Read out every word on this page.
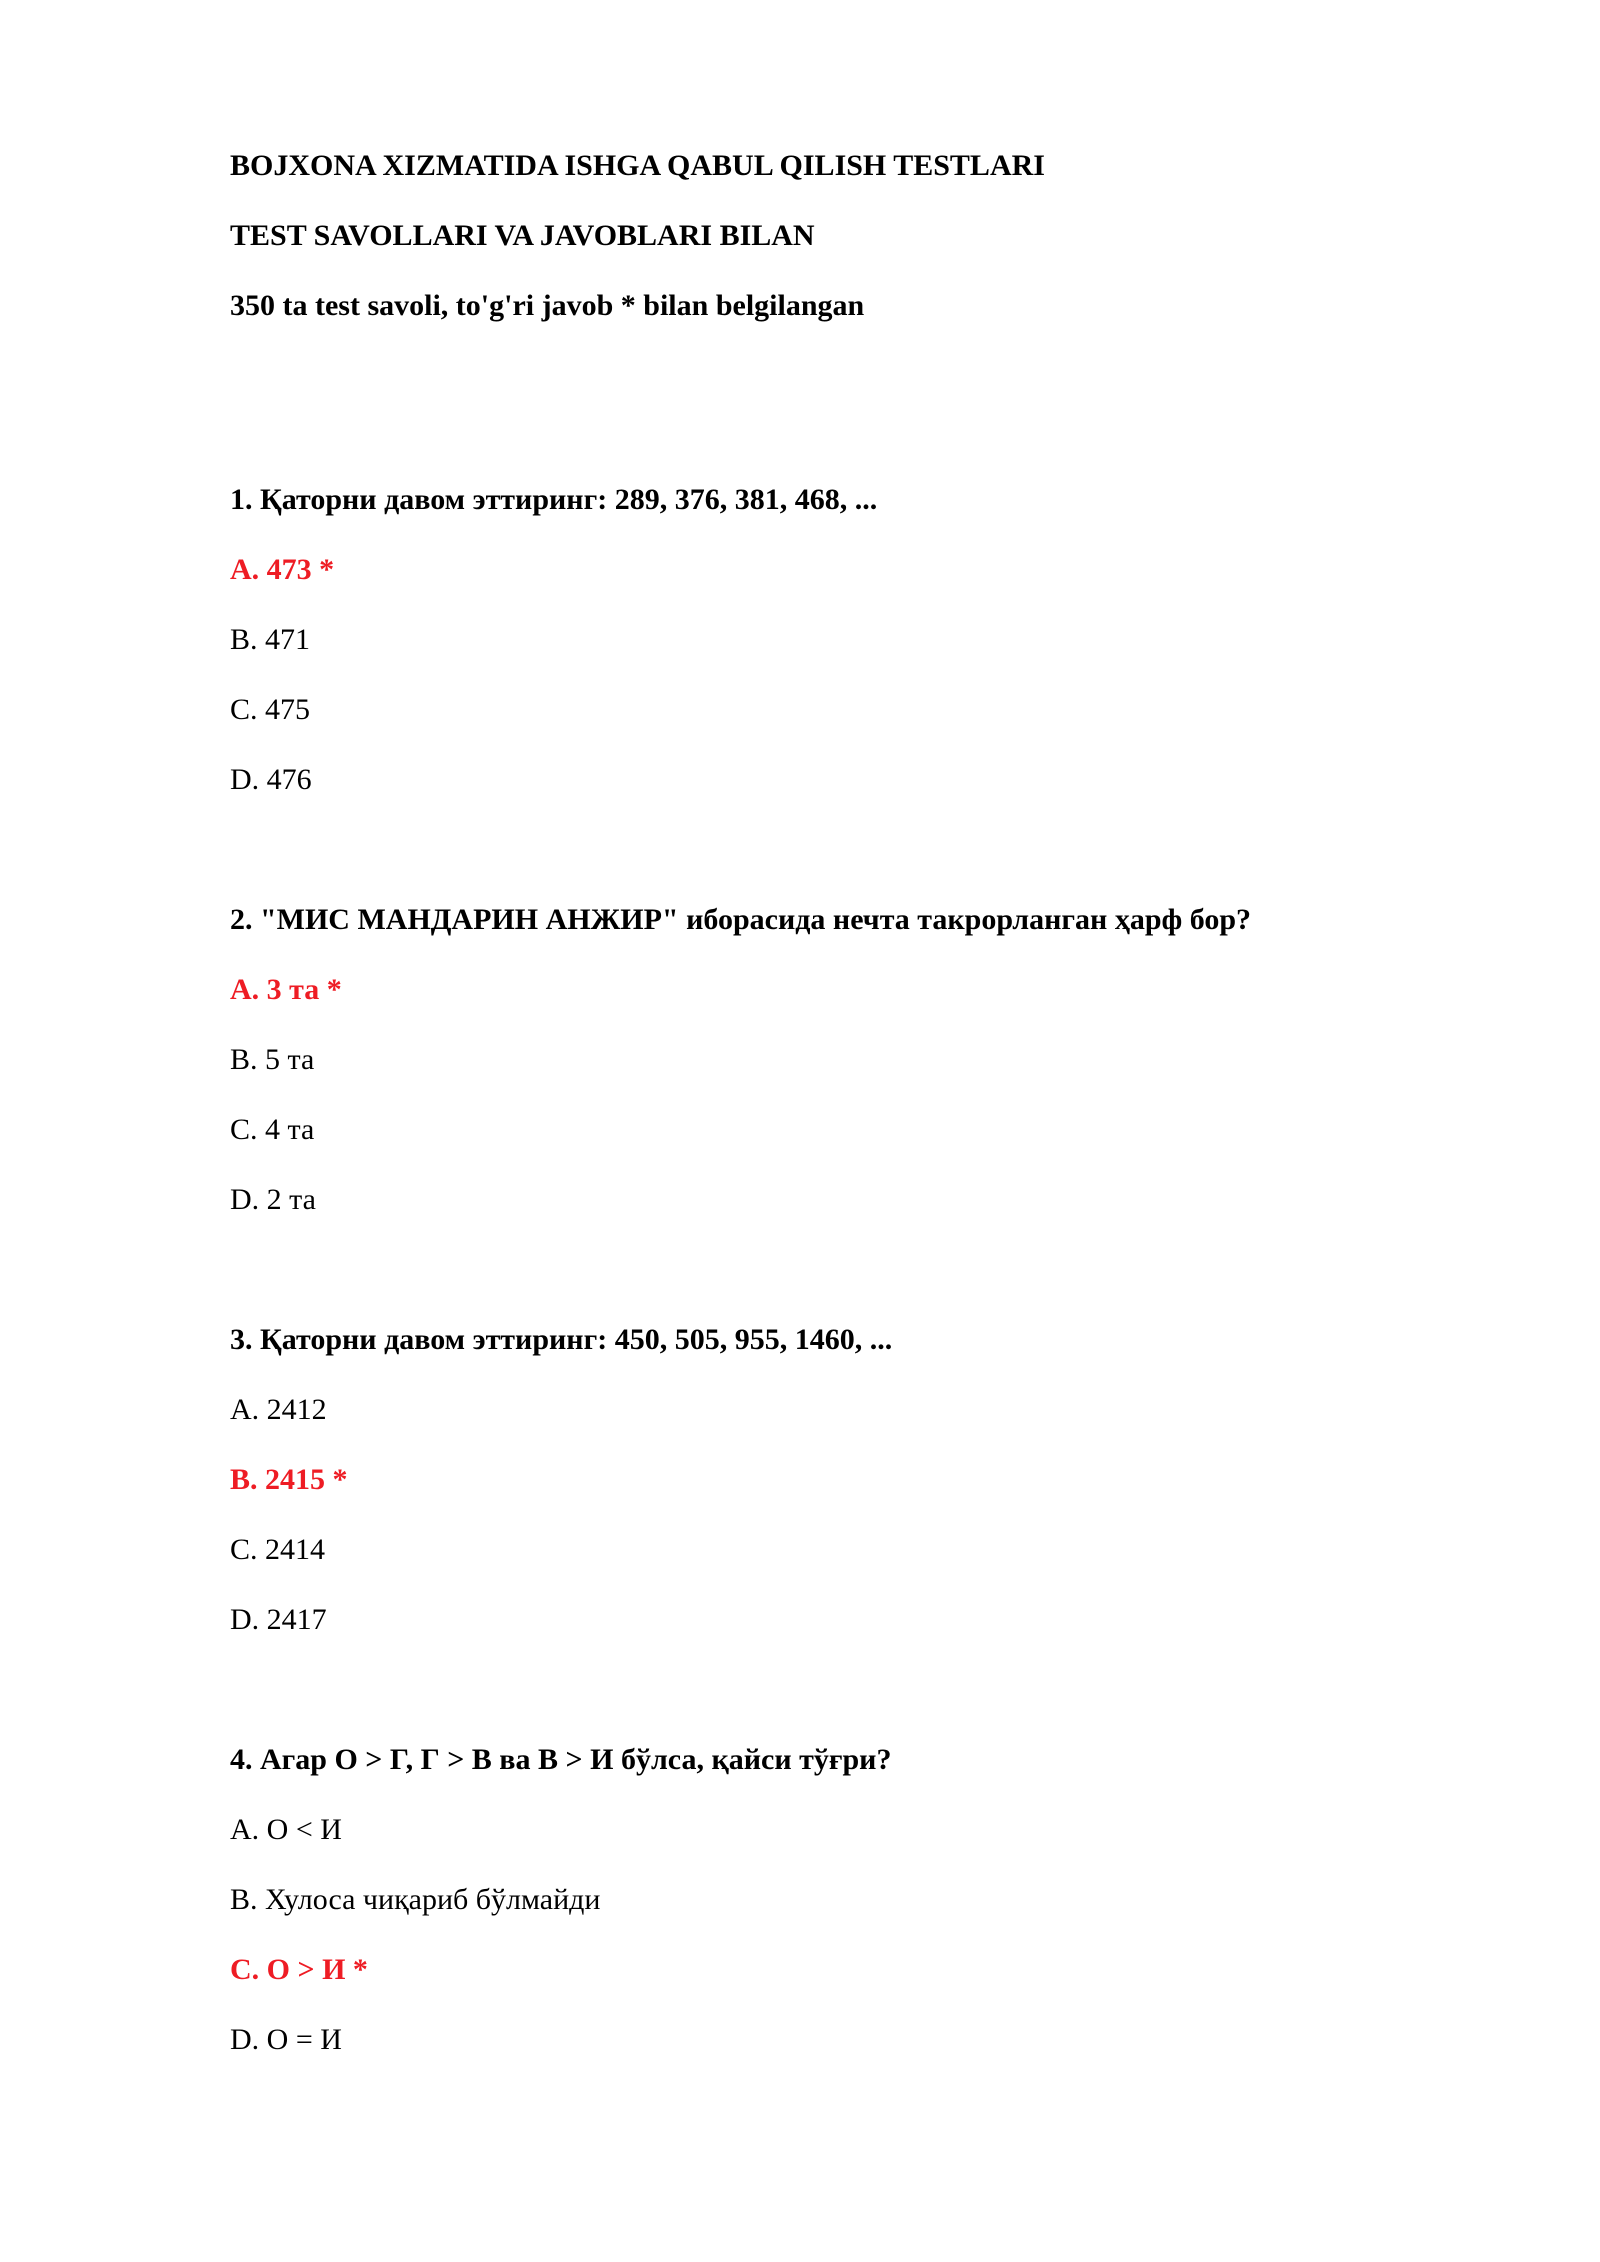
BOJXONA XIZMATIDA ISHGA QABUL QILISH TESTLARI
TEST SAVOLLARI VA JAVOBLARI BILAN
350 ta test savoli, to'g'ri javob * bilan belgilangan
1. Қаторни давом эттиринг: 289, 376, 381, 468, ...
A. 473 *
B. 471
C. 475
D. 476
2. "МИС МАНДАРИН АНЖИР" иборасида нечта такрорланган ҳарф бор?
A. 3 та *
B. 5 та
C. 4 та
D. 2 та
3. Қаторни давом эттиринг: 450, 505, 955, 1460, ...
A. 2412
B. 2415 *
C. 2414
D. 2417
4. Агар О > Г, Г > В ва В > И бўлса, қайси тўғри?
A. О < И
B. Хулоса чиқариб бўлмайди
C. О > И *
D. О = И
